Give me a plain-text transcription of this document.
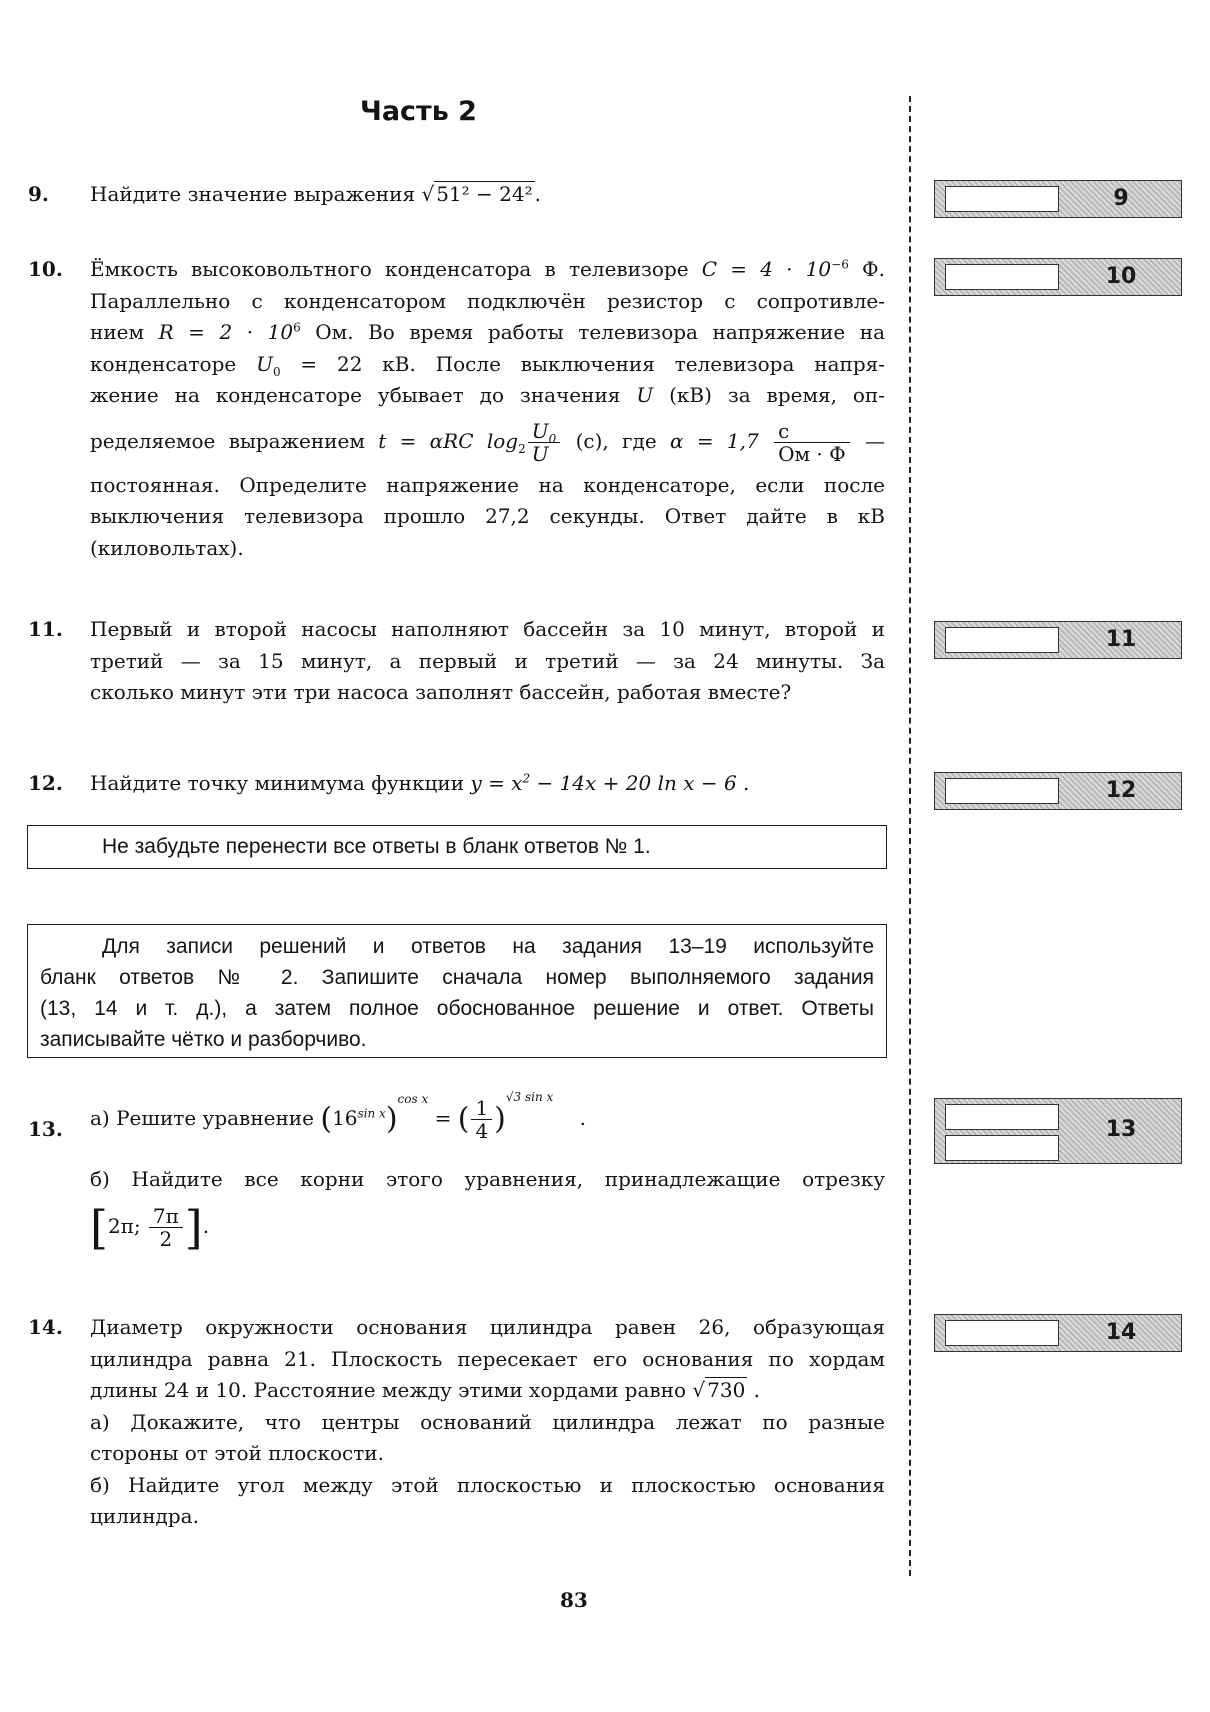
Часть 2
9. Найдите значение выражения √ 51² − 24² .	9
10. Ёмкость высоковольтного конденсатора в телевизоре $C = 4 \cdot 10^{-6}$ Ф.
Параллельно с конденсатором подключён резистор с сопротивле-
нием $R = 2 \cdot 10^6$ Ом. Во время работы телевизора напряжение на
конденсаторе $U_0 = 22$ кВ. После выключения телевизора напря-
жение на конденсаторе убывает до значения U (кВ) за время, оп-
ределяемое выражением t = αRC $\log_2 \frac{U_0}{U} (с)$, где $\alpha = 1,7 \frac{с}{Ом \cdot Ф}$ —
постоянная. Определите напряжение на конденсаторе, если после
выключения телевизора прошло 27,2 секунды. Ответ дайте в кВ
(киловольтах).
10
11. Первый и второй насосы наполняют бассейн за 10 минут, второй и
третий — за 15 минут, а первый и третий — за 24 минуты. За
сколько минут эти три насоса заполнят бассейн, работая вместе?
11
12. Найдите точку минимума функции $y = x^2 - 14x + 20$ ln x − 6 .	12
Не забудьте перенести все ответы в бланк ответов № 1.
Для записи решений и ответов на задания 13–19 используйте
бланк ответов № 2. Запишите сначала номер выполняемого задания
(13, 14 и т. д.), а затем полное обоснованное решение и ответ. Ответы
записывайте чётко и разборчиво.
13. а) Решите уравнение $(16^{sin x})^{cos x}$ = ( $\frac{1}{4} )^{√3 sin x}$ .
б) Найдите все корни этого уравнения, принадлежащие отрезку
[2π; $\frac{7\pi}{2}$ ].
13
14. Диаметр окружности основания цилиндра равен 26, образующая
цилиндра равна 21. Плоскость пересекает его основания по хордам
длины 24 и 10. Расстояние между этими хордами равно √ 730 .
а) Докажите, что центры оснований цилиндра лежат по разные
стороны от этой плоскости.
б) Найдите угол между этой плоскостью и плоскостью основания
цилиндра.
14
83
